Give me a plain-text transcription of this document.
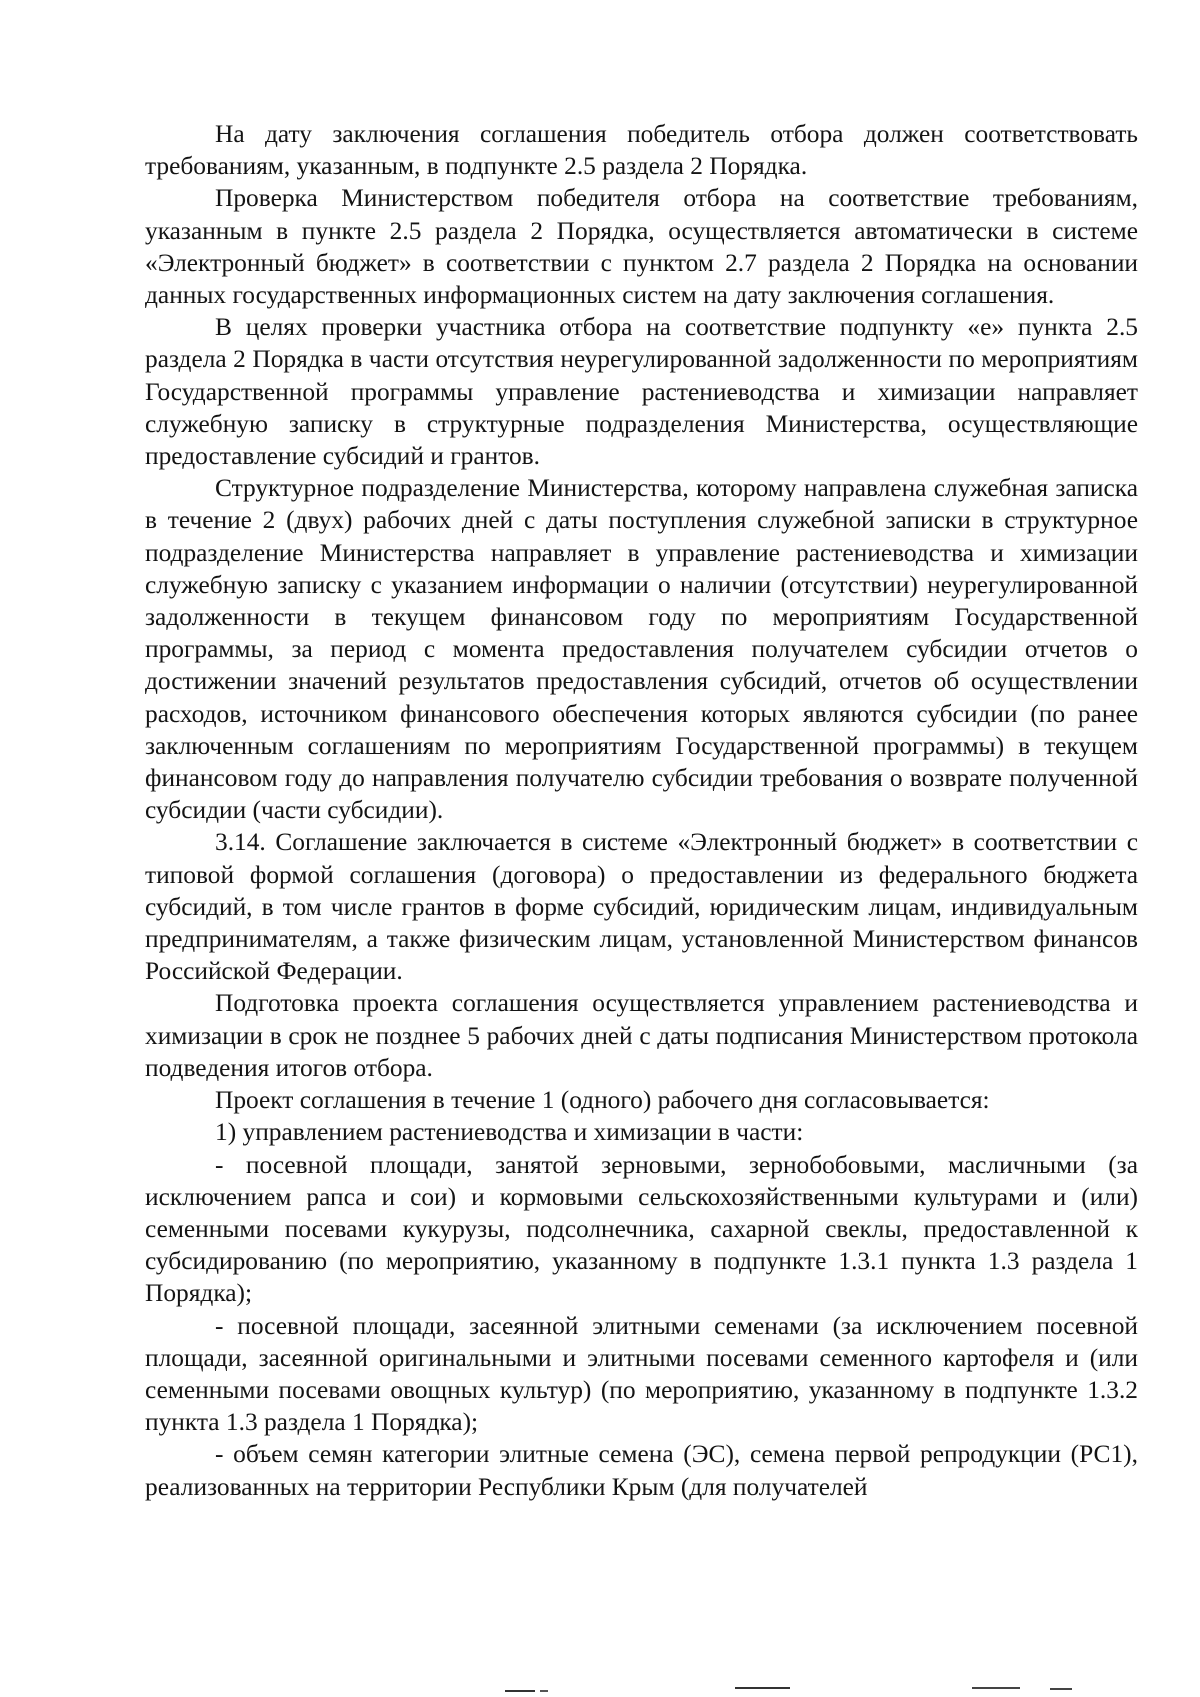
На дату заключения соглашения победитель отбора должен соответствовать требованиям, указанным, в подпункте 2.5 раздела 2 Порядка.

Проверка Министерством победителя отбора на соответствие требованиям, указанным в пункте 2.5 раздела 2 Порядка, осуществляется автоматически в системе «Электронный бюджет» в соответствии с пунктом 2.7 раздела 2 Порядка на основании данных государственных информационных систем на дату заключения соглашения.

В целях проверки участника отбора на соответствие подпункту «е» пункта 2.5 раздела 2 Порядка в части отсутствия неурегулированной задолженности по мероприятиям Государственной программы управление растениеводства и химизации направляет служебную записку в структурные подразделения Министерства, осуществляющие предоставление субсидий и грантов.

Структурное подразделение Министерства, которому направлена служебная записка в течение 2 (двух) рабочих дней с даты поступления служебной записки в структурное подразделение Министерства направляет в управление растениеводства и химизации служебную записку с указанием информации о наличии (отсутствии) неурегулированной задолженности в текущем финансовом году по мероприятиям Государственной программы, за период с момента предоставления получателем субсидии отчетов о достижении значений результатов предоставления субсидий, отчетов об осуществлении расходов, источником финансового обеспечения которых являются субсидии (по ранее заключенным соглашениям по мероприятиям Государственной программы) в текущем финансовом году до направления получателю субсидии требования о возврате полученной субсидии (части субсидии).

3.14. Соглашение заключается в системе «Электронный бюджет» в соответствии с типовой формой соглашения (договора) о предоставлении из федерального бюджета субсидий, в том числе грантов в форме субсидий, юридическим лицам, индивидуальным предпринимателям, а также физическим лицам, установленной Министерством финансов Российской Федерации.

Подготовка проекта соглашения осуществляется управлением растениеводства и химизации в срок не позднее 5 рабочих дней с даты подписания Министерством протокола подведения итогов отбора.

Проект соглашения в течение 1 (одного) рабочего дня согласовывается:

1) управлением растениеводства и химизации в части:

- посевной площади, занятой зерновыми, зернобобовыми, масличными (за исключением рапса и сои) и кормовыми сельскохозяйственными культурами и (или) семенными посевами кукурузы, подсолнечника, сахарной свеклы, предоставленной к субсидированию (по мероприятию, указанному в подпункте 1.3.1 пункта 1.3 раздела 1 Порядка);

- посевной площади, засеянной элитными семенами (за исключением посевной площади, засеянной оригинальными и элитными посевами семенного картофеля и (или семенными посевами овощных культур) (по мероприятию, указанному в подпункте 1.3.2 пункта 1.3 раздела 1 Порядка);

- объем семян категории элитные семена (ЭС), семена первой репродукции (РС1), реализованных на территории Республики Крым (для получателей
